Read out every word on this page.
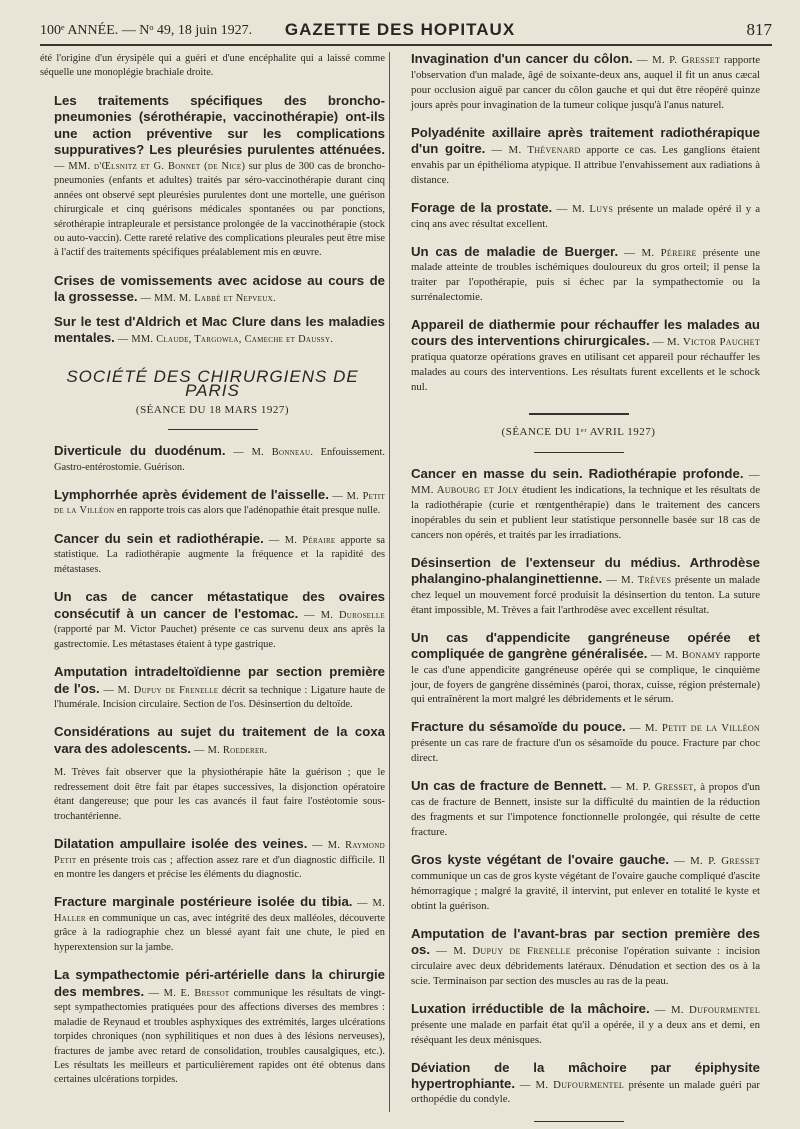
100ᵉ ANNÉE. — Nᵒ 49, 18 juin 1927.	GAZETTE DES HOPITAUX	817

été l'origine d'un érysipèle qui a guéri et d'une encéphalite qui a laissé comme séquelle une monoplégie brachiale droite.

Les traitements spécifiques des broncho-pneumonies (sérothérapie, vaccinothérapie) ont-ils une action préventive sur les complications suppuratives? Les pleurésies purulentes atténuées. — MM. d'Œlsnitz et G. Bonnet (de Nice) sur plus de 300 cas de broncho-pneumonies (enfants et adultes) traités par séro-vaccinothérapie durant cinq années ont observé sept pleurésies purulentes dont une mortelle, une guérison chirurgicale et cinq guérisons médicales spontanées ou par ponctions, sérothérapie intrapleurale et persistance prolongée de la vaccinothérapie (stock ou auto-vaccin). Cette rareté relative des complications pleurales peut être mise à l'actif des traitements spécifiques préalablement mis en œuvre.

Crises de vomissements avec acidose au cours de la grossesse. — MM. M. Labbé et Nepveux.

Sur le test d'Aldrich et Mac Clure dans les maladies mentales. — MM. Claude, Targowla, Cameche et Daussy.

SOCIÉTÉ DES CHIRURGIENS DE PARIS
(SÉANCE DU 18 MARS 1927)

Diverticule du duodénum. — M. Bonneau. Enfouissement. Gastro-entérostomie. Guérison.

Lymphorrhée après évidement de l'aisselle. — M. Petit de la Villéon en rapporte trois cas alors que l'adénopathie était presque nulle.

Cancer du sein et radiothérapie. — M. Péraire apporte sa statistique. La radiothérapie augmente la fréquence et la rapidité des métastases.

Un cas de cancer métastatique des ovaires consécutif à un cancer de l'estomac. — M. Duroselle (rapporté par M. Victor Pauchet) présente ce cas survenu deux ans après la gastrectomie. Les métastases étaient à type gastrique.

Amputation intradeltoïdienne par section première de l'os. — M. Dupuy de Frenelle décrit sa technique : Ligature haute de l'humérale. Incision circulaire. Section de l'os. Désinsertion du deltoïde.

Considérations au sujet du traitement de la coxa vara des adolescents. — M. Roederer.

M. Trèves fait observer que la physiothérapie hâte la guérison ; que le redressement doit être fait par étapes successives, la disjonction opératoire étant dangereuse; que pour les cas avancés il faut faire l'ostéotomie sous-trochantérienne.

Dilatation ampullaire isolée des veines. — M. Raymond Petit en présente trois cas ; affection assez rare et d'un diagnostic difficile. Il en montre les dangers et précise les éléments du diagnostic.

Fracture marginale postérieure isolée du tibia. — M. Haller en communique un cas, avec intégrité des deux malléoles, découverte grâce à la radiographie chez un blessé ayant fait une chute, le pied en hyperextension sur la jambe.

La sympathectomie péri-artérielle dans la chirurgie des membres. — M. E. Bressot communique les résultats de vingt-sept sympathectomies pratiquées pour des affections diverses des membres : maladie de Reynaud et troubles asphyxiques des extrémités, larges ulcérations torpides chroniques (non syphilitiques et non dues à des lésions nerveuses), fractures de jambe avec retard de consolidation, troubles causalgiques, etc.). Les résultats les meilleurs et particulièrement rapides ont été obtenus dans certaines ulcérations torpides.

Invagination d'un cancer du côlon. — M. P. Gresset rapporte l'observation d'un malade, âgé de soixante-deux ans, auquel il fit un anus cæcal pour occlusion aiguë par cancer du côlon gauche et qui dut être réopéré quinze jours après pour invagination de la tumeur colique jusqu'à l'anus naturel.

Polyadénite axillaire après traitement radiothérapique d'un goitre. — M. Thévenard apporte ce cas. Les ganglions étaient envahis par un épithélioma atypique. Il attribue l'envahissement aux radiations à distance.

Forage de la prostate. — M. Luys présente un malade opéré il y a cinq ans avec résultat excellent.

Un cas de maladie de Buerger. — M. Péreire présente une malade atteinte de troubles ischémiques douloureux du gros orteil; il pense la traiter par l'opothérapie, puis si échec par la sympathectomie ou la surrénalectomie.

Appareil de diathermie pour réchauffer les malades au cours des interventions chirurgicales. — M. Victor Pauchet pratiqua quatorze opérations graves en utilisant cet appareil pour réchauffer les malades au cours des interventions. Les résultats furent excellents et le schock nul.

(SÉANCE DU 1ᵉʳ AVRIL 1927)

Cancer en masse du sein. Radiothérapie profonde. — MM. Aubourg et Joly étudient les indications, la technique et les résultats de la radiothérapie (curie et rœntgenthérapie) dans le traitement des cancers inopérables du sein et publient leur statistique personnelle basée sur 18 cas de cancers non opérés, et traités par les irradiations.

Désinsertion de l'extenseur du médius. Arthrodèse phalangino-phalanginettienne. — M. Trèves présente un malade chez lequel un mouvement forcé produisit la désinsertion du tenton. La suture étant impossible, M. Trèves a fait l'arthrodèse avec excellent résultat.

Un cas d'appendicite gangréneuse opérée et compliquée de gangrène généralisée. — M. Bonamy rapporte le cas d'une appendicite gangréneuse opérée qui se complique, le cinquième jour, de foyers de gangrène disséminés (paroi, thorax, cuisse, région présternale) qui entraînèrent la mort malgré les débridements et le sérum.

Fracture du sésamoïde du pouce. — M. Petit de la Villéon présente un cas rare de fracture d'un os sésamoïde du pouce. Fracture par choc direct.

Un cas de fracture de Bennett. — M. P. Gresset, à propos d'un cas de fracture de Bennett, insiste sur la difficulté du maintien de la réduction des fragments et sur l'impotence fonctionnelle prolongée, qui résulte de cette fracture.

Gros kyste végétant de l'ovaire gauche. — M. P. Gresset communique un cas de gros kyste végétant de l'ovaire gauche compliqué d'ascite hémorragique ; malgré la gravité, il intervint, put enlever en totalité le kyste et obtint la guérison.

Amputation de l'avant-bras par section première des os. — M. Dupuy de Frenelle préconise l'opération suivante : incision circulaire avec deux débridements latéraux. Dénudation et section des os à la scie. Terminaison par section des muscles au ras de la peau.

Luxation irréductible de la mâchoire. — M. Dufourmentel présente une malade en parfait état qu'il a opérée, il y a deux ans et demi, en réséquant les deux ménisques.

Déviation de la mâchoire par épiphysite hypertrophiante. — M. Dufourmentel présente un malade guéri par orthopédie du condyle.
